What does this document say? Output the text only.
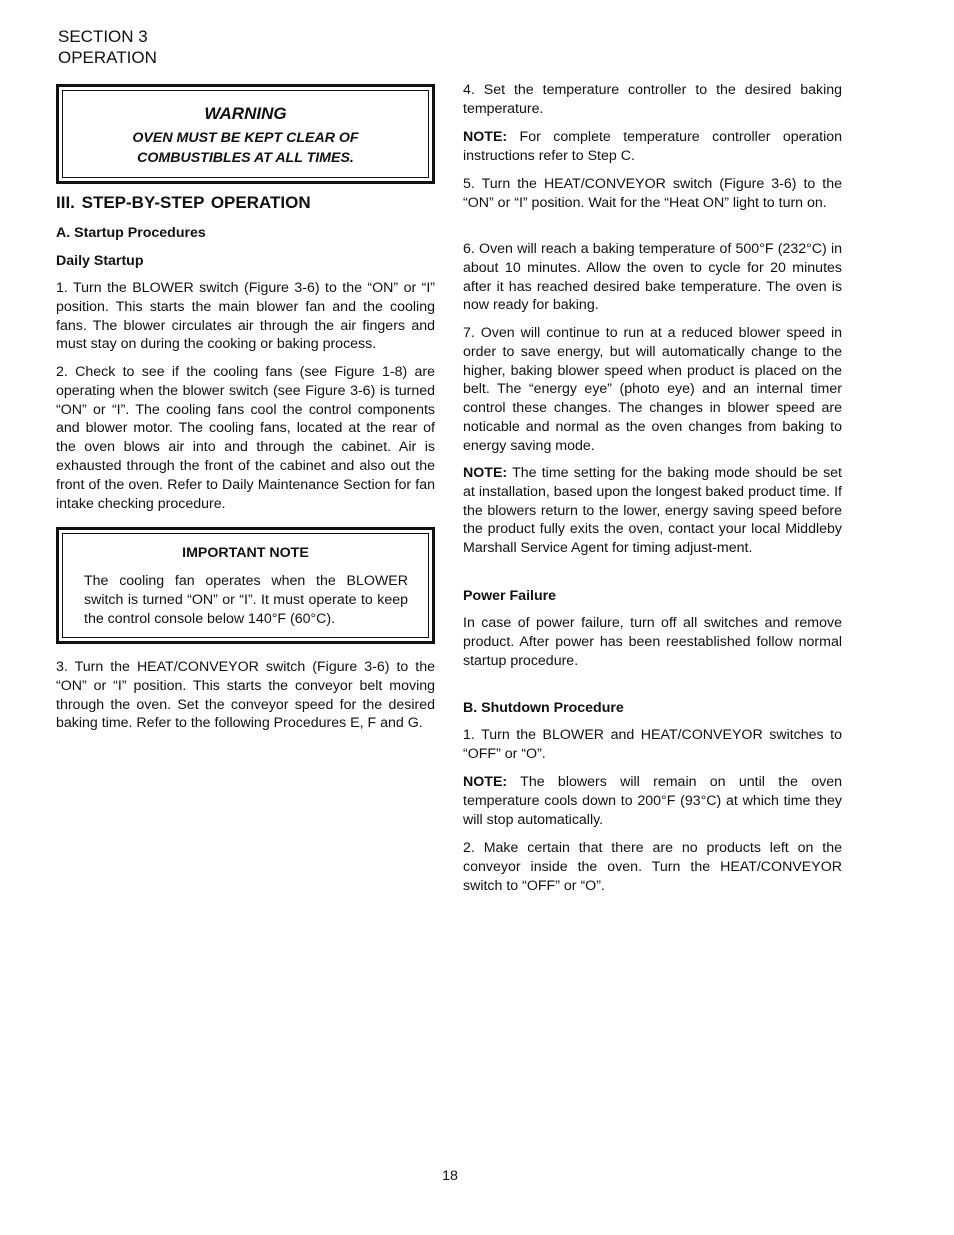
SECTION 3
OPERATION
WARNING
OVEN MUST BE KEPT CLEAR OF
COMBUSTIBLES AT ALL TIMES.
III. STEP-BY-STEP OPERATION
A. Startup Procedures
Daily Startup

1. Turn the BLOWER switch (Figure 3-6) to the “ON” or “I” position. This starts the main blower fan and the cooling fans. The blower circulates air through the air fingers and must stay on during the cooking or baking process.

2. Check to see if the cooling fans (see Figure 1-8) are operating when the blower switch (see Figure 3-6) is turned “ON” or “I”. The cooling fans cool the control components and blower motor. The cooling fans, located at the rear of the oven blows air into and through the cabinet. Air is exhausted through the front of the cabinet and also out the front of the oven. Refer to Daily Maintenance Section for fan intake checking procedure.

IMPORTANT NOTE
The cooling fan operates when the BLOWER switch is turned “ON” or “I”. It must operate to keep the control console below 140°F (60°C).

3. Turn the HEAT/CONVEYOR switch (Figure 3-6) to the “ON” or “I” position. This starts the conveyor belt moving through the oven. Set the conveyor speed for the desired baking time. Refer to the following Procedures E, F and G.

4. Set the temperature controller to the desired baking temperature.

NOTE: For complete temperature controller operation instructions refer to Step C.

5. Turn the HEAT/CONVEYOR switch (Figure 3-6) to the “ON” or “I” position. Wait for the “Heat ON” light to turn on.

6. Oven will reach a baking temperature of 500°F (232°C) in about 10 minutes. Allow the oven to cycle for 20 minutes after it has reached desired bake temperature. The oven is now ready for baking.

7. Oven will continue to run at a reduced blower speed in order to save energy, but will automatically change to the higher, baking blower speed when product is placed on the belt. The “energy eye” (photo eye) and an internal timer control these changes. The changes in blower speed are noticable and normal as the oven changes from baking to energy saving mode.

NOTE: The time setting for the baking mode should be set at installation, based upon the longest baked product time. If the blowers return to the lower, energy saving speed before the product fully exits the oven, contact your local Middleby Marshall Service Agent for timing adjust-ment.

Power Failure

In case of power failure, turn off all switches and remove product. After power has been reestablished follow normal startup procedure.

B. Shutdown Procedure

1. Turn the BLOWER and HEAT/CONVEYOR switches to “OFF” or “O”.

NOTE: The blowers will remain on until the oven temperature cools down to 200°F (93°C) at which time they will stop automatically.

2. Make certain that there are no products left on the conveyor inside the oven. Turn the HEAT/CONVEYOR switch to “OFF” or “O”.

18
